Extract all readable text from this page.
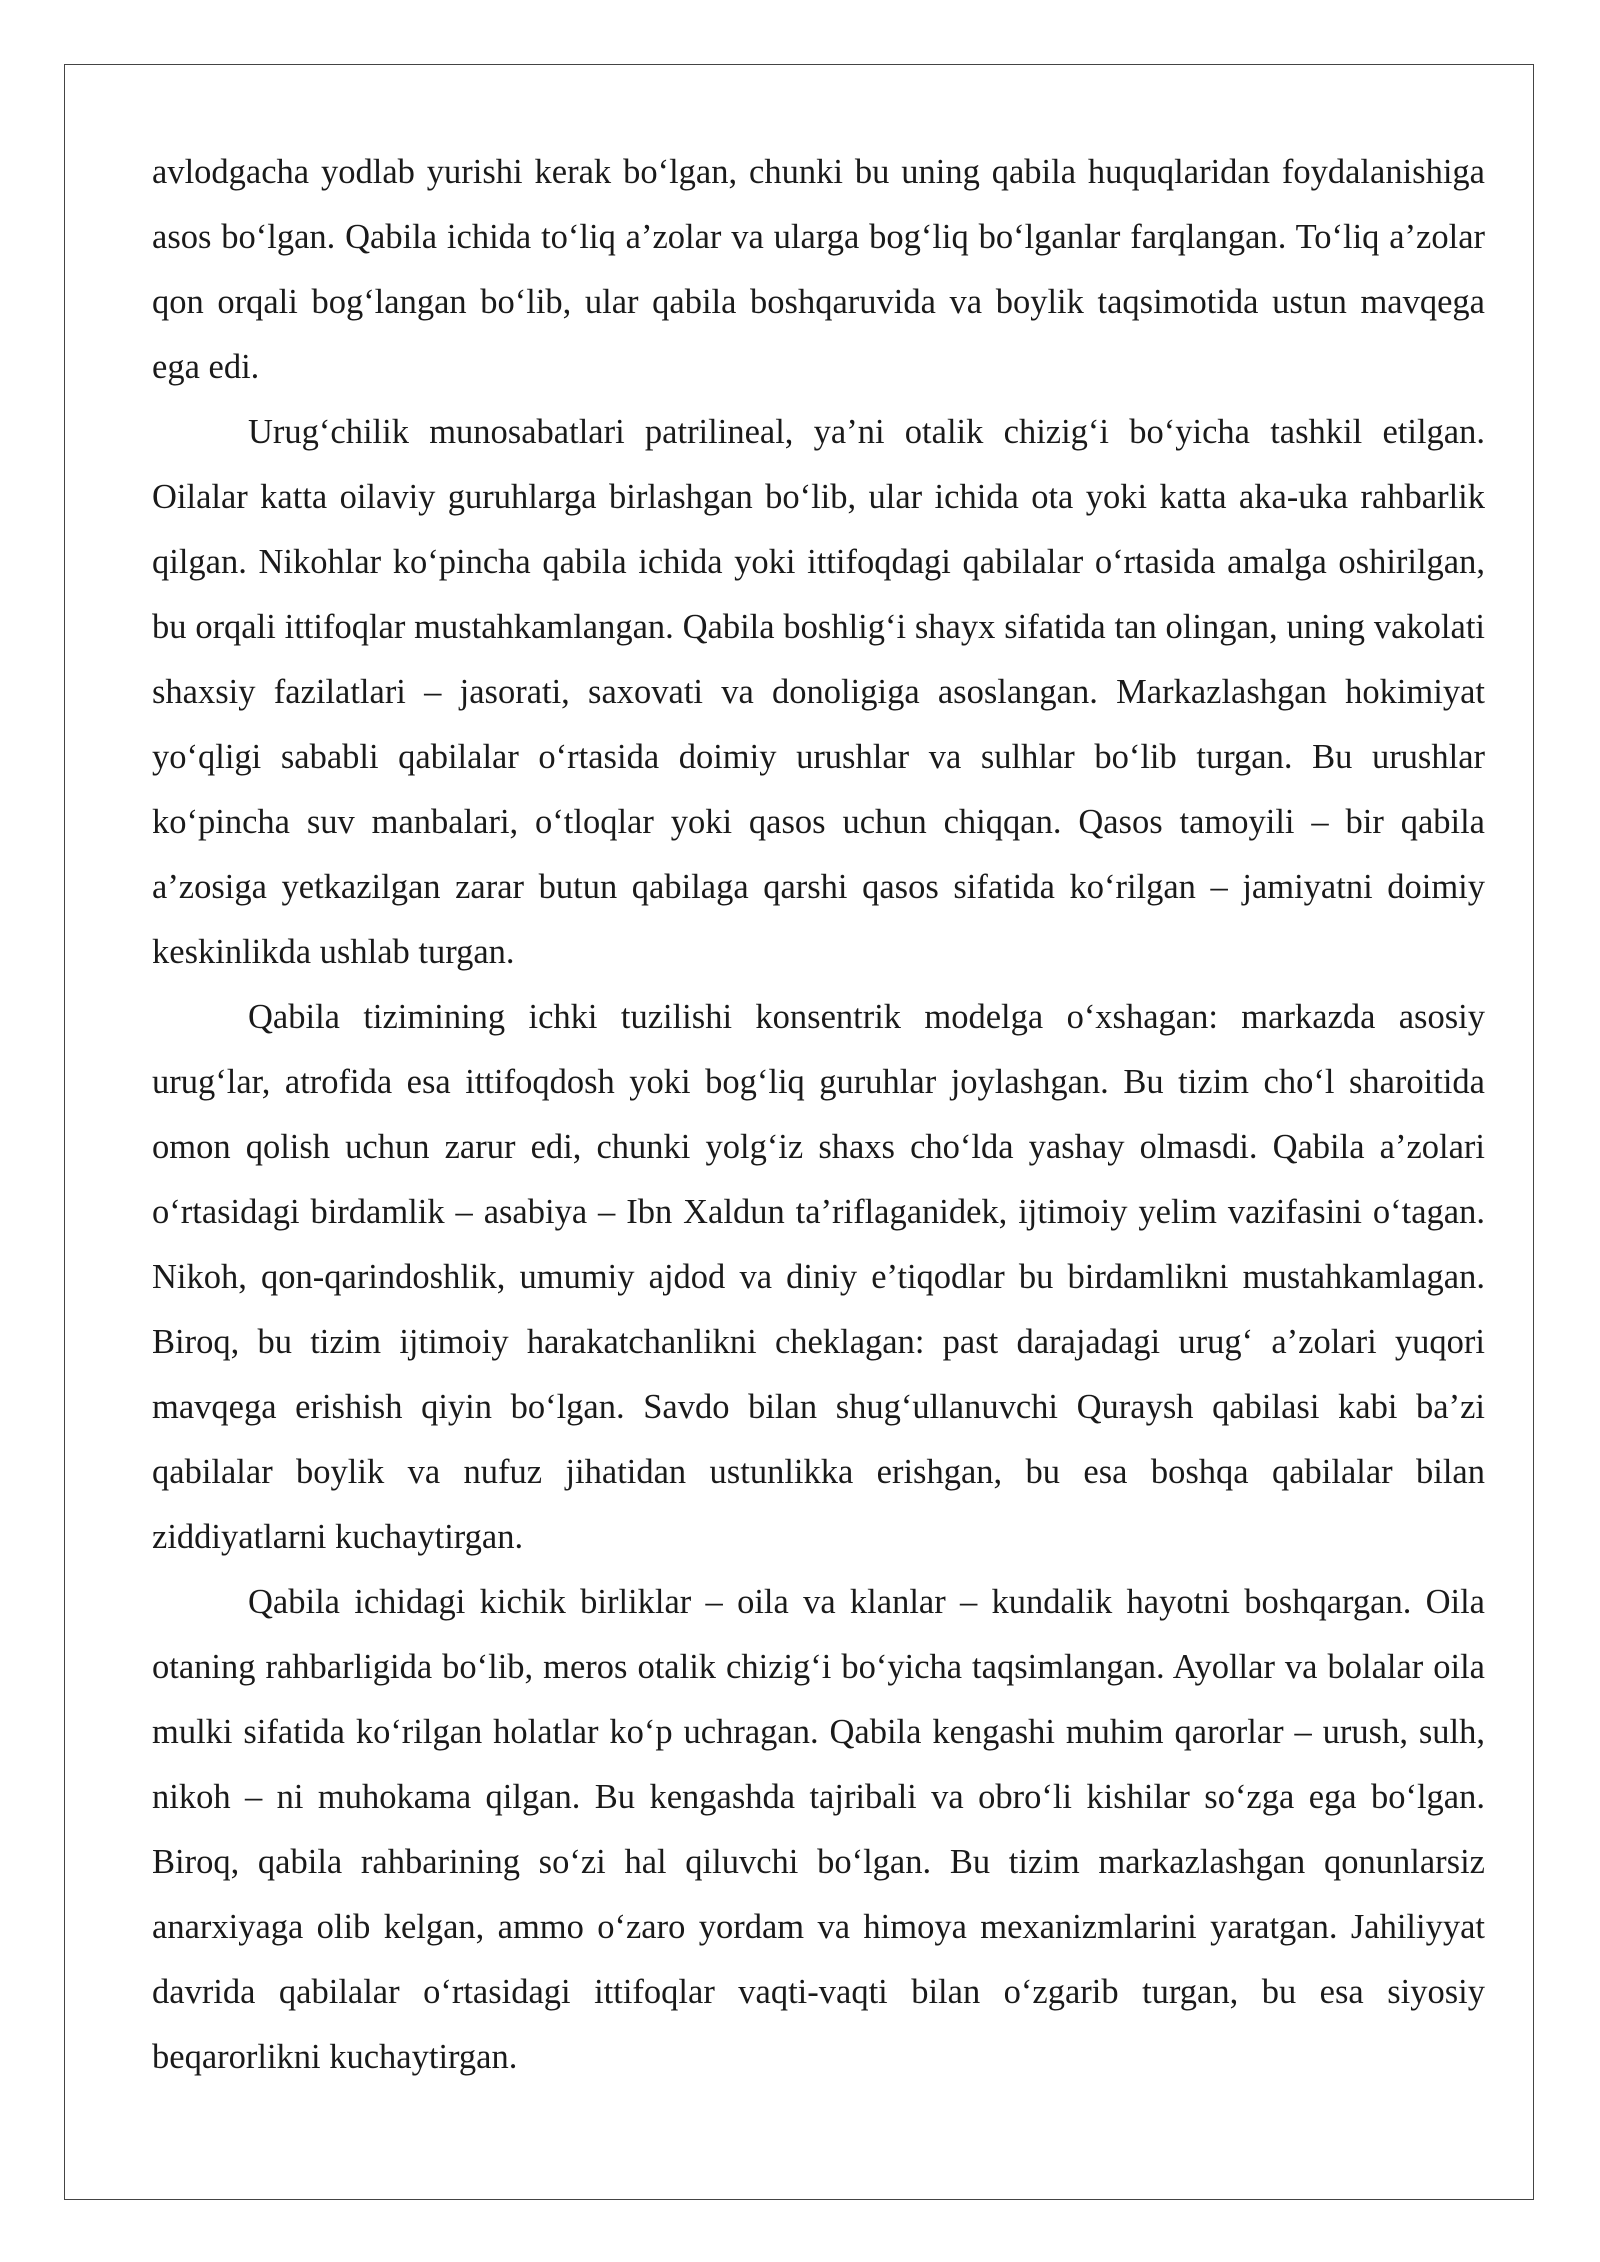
avlodgacha yodlab yurishi kerak bo‘lgan, chunki bu uning qabila huquqlaridan foydalanishiga asos bo‘lgan. Qabila ichida to‘liq a’zolar va ularga bog‘liq bo‘lganlar farqlangan. To‘liq a’zolar qon orqali bog‘langan bo‘lib, ular qabila boshqaruvida va boylik taqsimotida ustun mavqega ega edi.

Urug‘chilik munosabatlari patrilineal, ya’ni otalik chizig‘i bo‘yicha tashkil etilgan. Oilalar katta oilaviy guruhlarga birlashgan bo‘lib, ular ichida ota yoki katta aka-uka rahbarlik qilgan. Nikohlar ko‘pincha qabila ichida yoki ittifoqdagi qabilalar o‘rtasida amalga oshirilgan, bu orqali ittifoqlar mustahkamlangan. Qabila boshlig‘i shayx sifatida tan olingan, uning vakolati shaxsiy fazilatlari – jasorati, saxovati va donoligiga asoslangan. Markazlashgan hokimiyat yo‘qligi sababli qabilalar o‘rtasida doimiy urushlar va sulhlar bo‘lib turgan. Bu urushlar ko‘pincha suv manbalari, o‘tloqlar yoki qasos uchun chiqqan. Qasos tamoyili – bir qabila a’zosiga yetkazilgan zarar butun qabilaga qarshi qasos sifatida ko‘rilgan – jamiyatni doimiy keskinlikda ushlab turgan.

Qabila tizimining ichki tuzilishi konsentrik modelga o‘xshagan: markazda asosiy urug‘lar, atrofida esa ittifoqdosh yoki bog‘liq guruhlar joylashgan. Bu tizim cho‘l sharoitida omon qolish uchun zarur edi, chunki yolg‘iz shaxs cho‘lda yashay olmasdi. Qabila a’zolari o‘rtasidagi birdamlik – asabiya – Ibn Xaldun ta’riflaganidek, ijtimoiy yelim vazifasini o‘tagan. Nikoh, qon-qarindoshlik, umumiy ajdod va diniy e’tiqodlar bu birdamlikni mustahkamlagan. Biroq, bu tizim ijtimoiy harakatchanlikni cheklagan: past darajadagi urug‘ a’zolari yuqori mavqega erishish qiyin bo‘lgan. Savdo bilan shug‘ullanuvchi Quraysh qabilasi kabi ba’zi qabilalar boylik va nufuz jihatidan ustunlikka erishgan, bu esa boshqa qabilalar bilan ziddiyatlarni kuchaytirgan.

Qabila ichidagi kichik birliklar – oila va klanlar – kundalik hayotni boshqargan. Oila otaning rahbarligida bo‘lib, meros otalik chizig‘i bo‘yicha taqsimlangan. Ayollar va bolalar oila mulki sifatida ko‘rilgan holatlar ko‘p uchragan. Qabila kengashi muhim qarorlar – urush, sulh, nikoh – ni muhokama qilgan. Bu kengashda tajribali va obro‘li kishilar so‘zga ega bo‘lgan. Biroq, qabila rahbarining so‘zi hal qiluvchi bo‘lgan. Bu tizim markazlashgan qonunlarsiz anarxiyaga olib kelgan, ammo o‘zaro yordam va himoya mexanizmlarini yaratgan. Jahiliyyat davrida qabilalar o‘rtasidagi ittifoqlar vaqti-vaqti bilan o‘zgarib turgan, bu esa siyosiy beqarorlikni kuchaytirgan.
